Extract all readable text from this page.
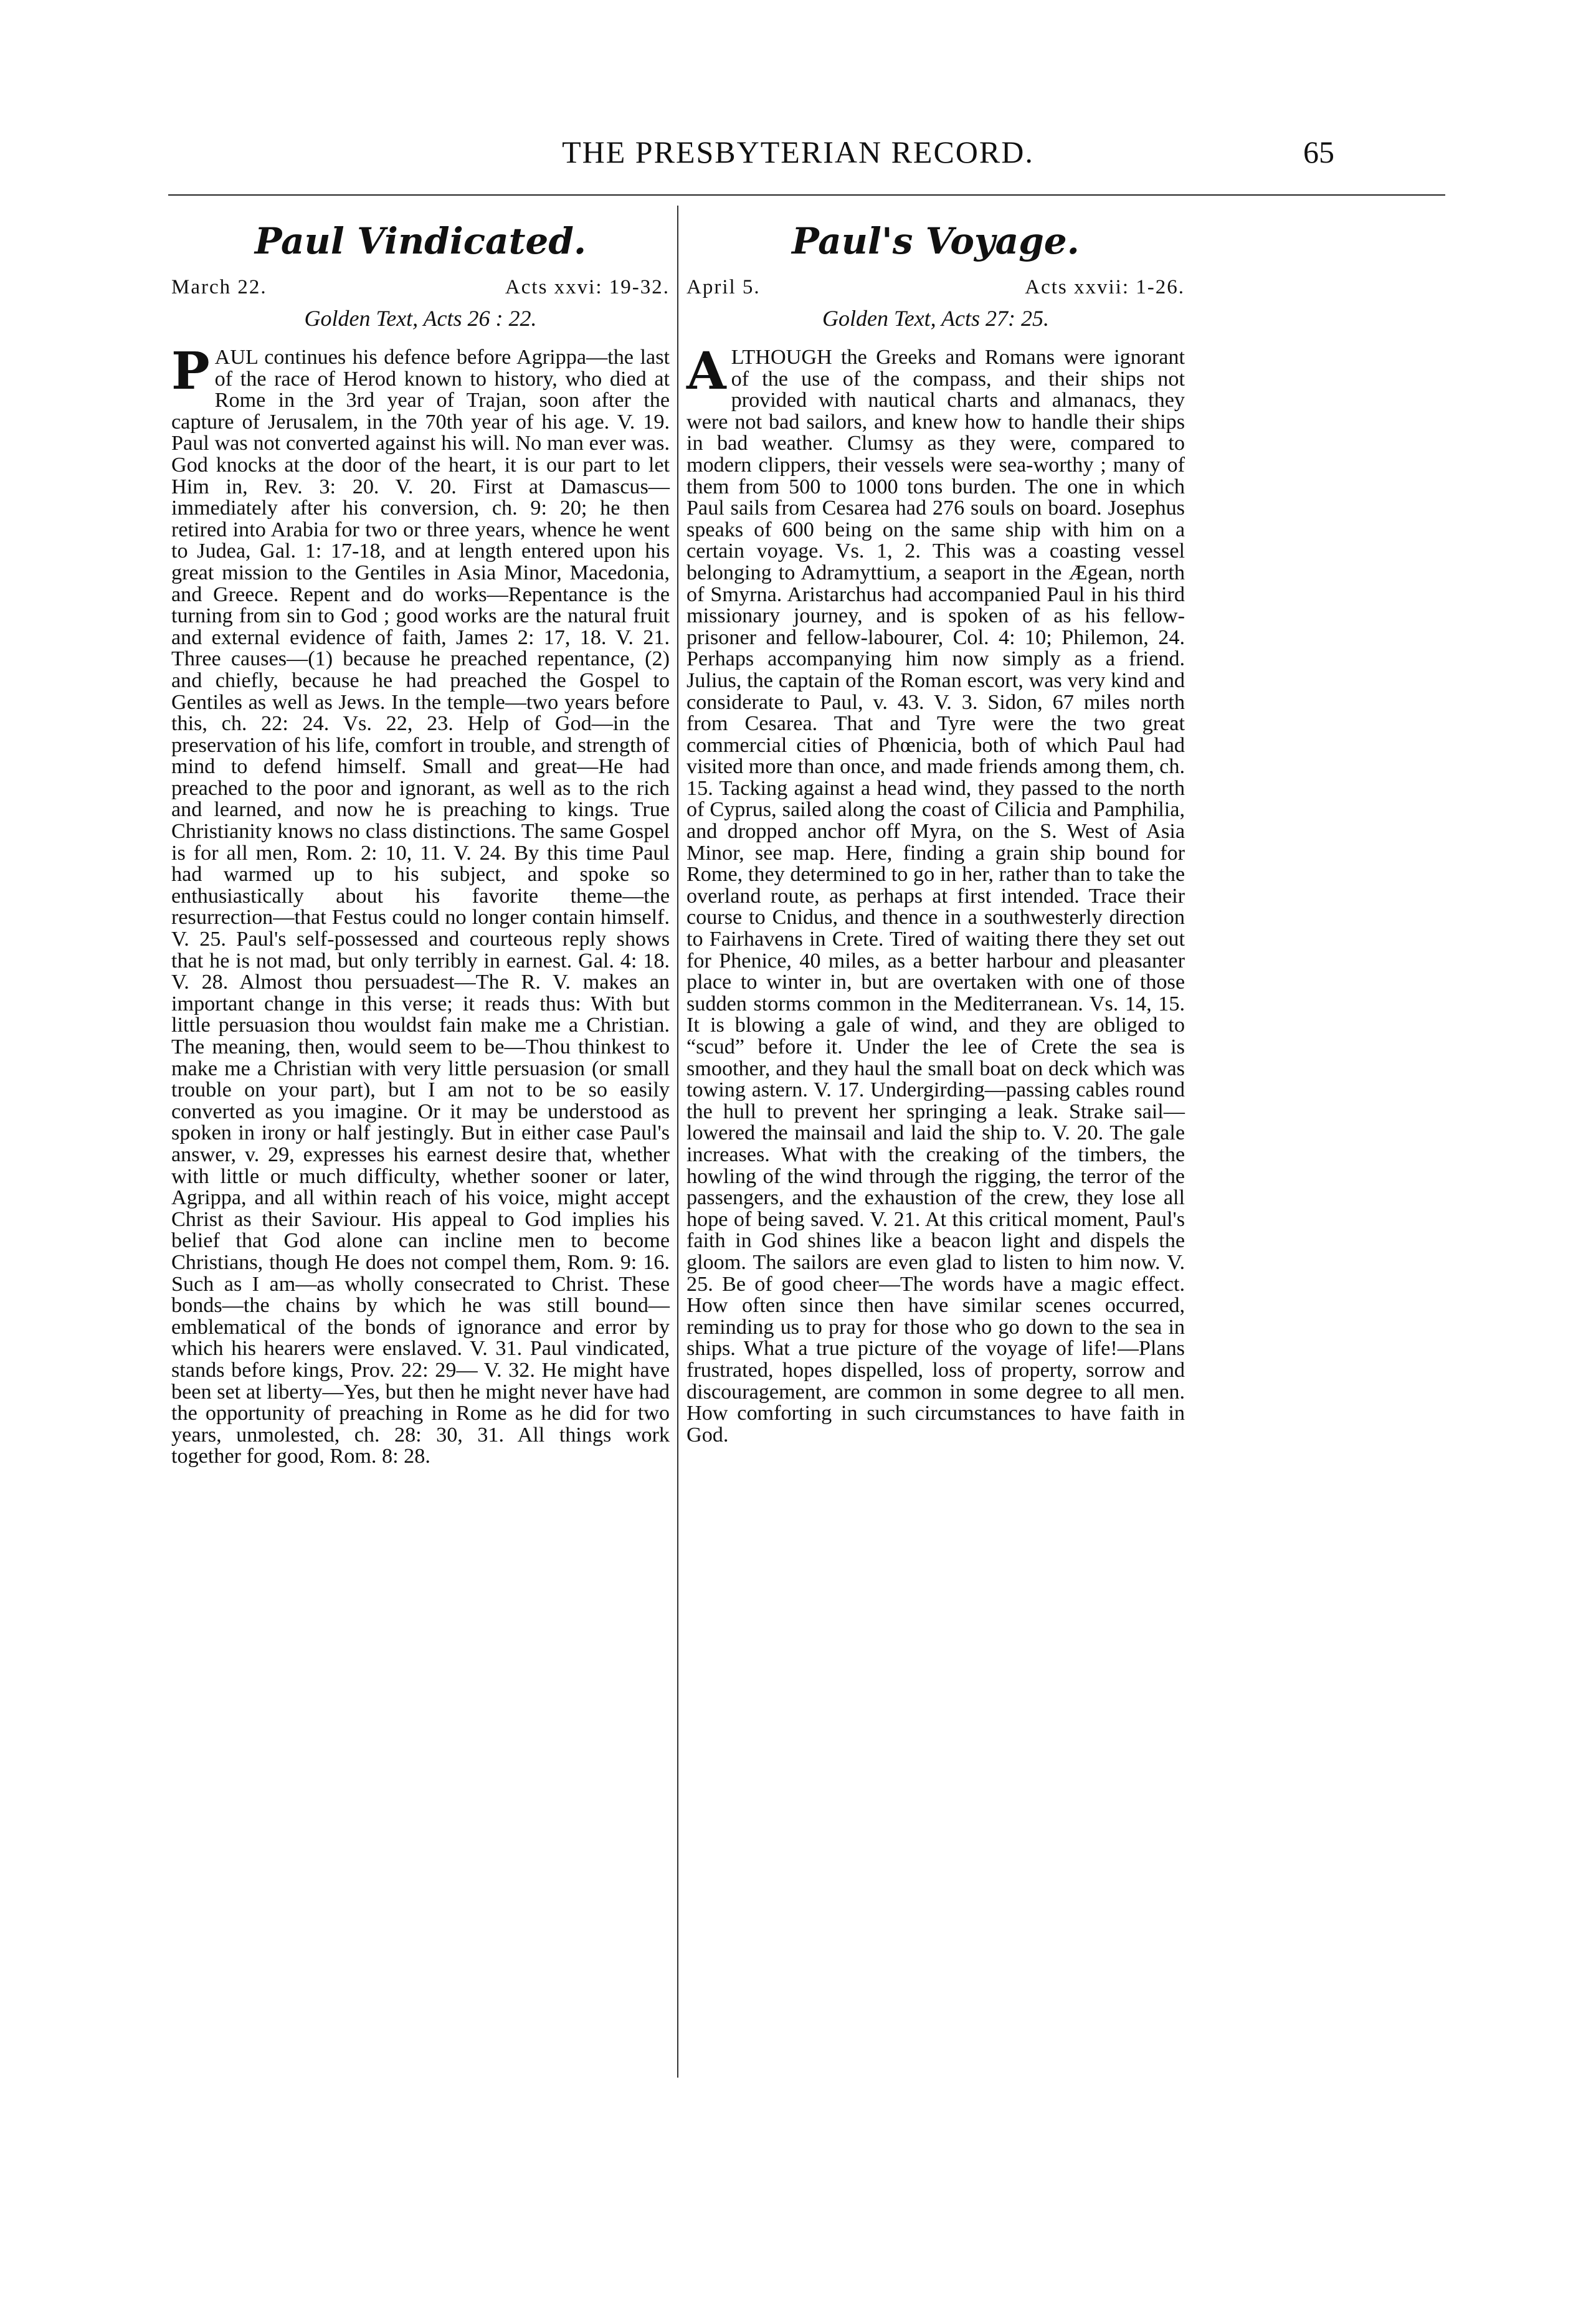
THE PRESBYTERIAN RECORD.	65
Paul Vindicated.
March 22.	Acts xxvi: 19-32.
Golden Text, Acts 26 : 22.
PAUL continues his defence before Agrippa—the last of the race of Herod known to history, who died at Rome in the 3rd year of Trajan, soon after the capture of Jerusalem, in the 70th year of his age. V. 19. Paul was not converted against his will. No man ever was. God knocks at the door of the heart, it is our part to let Him in, Rev. 3: 20. V. 20. First at Damascus—immediately after his conversion, ch. 9: 20; he then retired into Arabia for two or three years, whence he went to Judea, Gal. 1: 17-18, and at length entered upon his great mission to the Gentiles in Asia Minor, Macedonia, and Greece. Repent and do works—Repentance is the turning from sin to God ; good works are the natural fruit and external evidence of faith, James 2: 17, 18. V. 21. Three causes—(1) because he preached repentance, (2) and chiefly, because he had preached the Gospel to Gentiles as well as Jews. In the temple—two years before this, ch. 22: 24. Vs. 22, 23. Help of God—in the preservation of his life, comfort in trouble, and strength of mind to defend himself. Small and great—He had preached to the poor and ignorant, as well as to the rich and learned, and now he is preaching to kings. True Christianity knows no class distinctions. The same Gospel is for all men, Rom. 2: 10, 11. V. 24. By this time Paul had warmed up to his subject, and spoke so enthusiastically about his favorite theme—the resurrection—that Festus could no longer contain himself. V. 25. Paul's self-possessed and courteous reply shows that he is not mad, but only terribly in earnest. Gal. 4: 18. V. 28. Almost thou persuadest—The R. V. makes an important change in this verse; it reads thus: With but little persuasion thou wouldst fain make me a Christian. The meaning, then, would seem to be—Thou thinkest to make me a Christian with very little persuasion (or small trouble on your part), but I am not to be so easily converted as you imagine. Or it may be understood as spoken in irony or half jestingly. But in either case Paul's answer, v. 29, expresses his earnest desire that, whether with little or much difficulty, whether sooner or later, Agrippa, and all within reach of his voice, might accept Christ as their Saviour. His appeal to God implies his belief that God alone can incline men to become Christians, though He does not compel them, Rom. 9: 16. Such as I am—as wholly consecrated to Christ. These bonds—the chains by which he was still bound—emblematical of the bonds of ignorance and error by which his hearers were enslaved. V. 31. Paul vindicated, stands before kings, Prov. 22: 29— V. 32. He might have been set at liberty—Yes, but then he might never have had the opportunity of preaching in Rome as he did for two years, unmolested, ch. 28: 30, 31. All things work together for good, Rom. 8: 28.
Paul's Voyage.
April 5.	Acts xxvii: 1-26.
Golden Text, Acts 27: 25.
ALTHOUGH the Greeks and Romans were ignorant of the use of the compass, and their ships not provided with nautical charts and almanacs, they were not bad sailors, and knew how to handle their ships in bad weather. Clumsy as they were, compared to modern clippers, their vessels were sea-worthy ; many of them from 500 to 1000 tons burden. The one in which Paul sails from Cesarea had 276 souls on board. Josephus speaks of 600 being on the same ship with him on a certain voyage. Vs. 1, 2. This was a coasting vessel belonging to Adramyttium, a seaport in the Ægean, north of Smyrna. Aristarchus had accompanied Paul in his third missionary journey, and is spoken of as his fellow-prisoner and fellow-labourer, Col. 4: 10; Philemon, 24. Perhaps accompanying him now simply as a friend. Julius, the captain of the Roman escort, was very kind and considerate to Paul, v. 43. V. 3. Sidon, 67 miles north from Cesarea. That and Tyre were the two great commercial cities of Phœnicia, both of which Paul had visited more than once, and made friends among them, ch. 15. Tacking against a head wind, they passed to the north of Cyprus, sailed along the coast of Cilicia and Pamphilia, and dropped anchor off Myra, on the S. West of Asia Minor, see map. Here, finding a grain ship bound for Rome, they determined to go in her, rather than to take the overland route, as perhaps at first intended. Trace their course to Cnidus, and thence in a southwesterly direction to Fairhavens in Crete. Tired of waiting there they set out for Phenice, 40 miles, as a better harbour and pleasanter place to winter in, but are overtaken with one of those sudden storms common in the Mediterranean. Vs. 14, 15. It is blowing a gale of wind, and they are obliged to “scud” before it. Under the lee of Crete the sea is smoother, and they haul the small boat on deck which was towing astern. V. 17. Undergirding—passing cables round the hull to prevent her springing a leak. Strake sail—lowered the mainsail and laid the ship to. V. 20. The gale increases. What with the creaking of the timbers, the howling of the wind through the rigging, the terror of the passengers, and the exhaustion of the crew, they lose all hope of being saved. V. 21. At this critical moment, Paul's faith in God shines like a beacon light and dispels the gloom. The sailors are even glad to listen to him now. V. 25. Be of good cheer—The words have a magic effect. How often since then have similar scenes occurred, reminding us to pray for those who go down to the sea in ships. What a true picture of the voyage of life!—Plans frustrated, hopes dispelled, loss of property, sorrow and discouragement, are common in some degree to all men. How comforting in such circumstances to have faith in God.
